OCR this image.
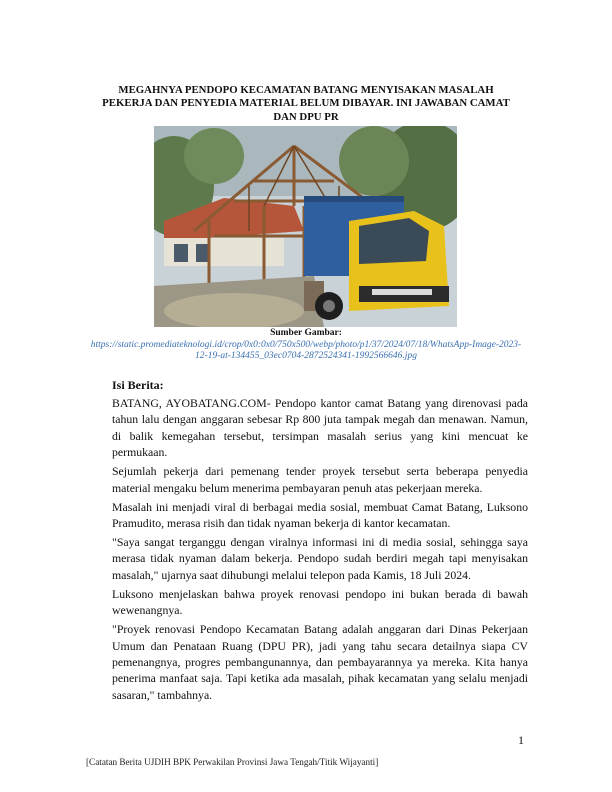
MEGAHNYA PENDOPO KECAMATAN BATANG MENYISAKAN MASALAH PEKERJA DAN PENYEDIA MATERIAL BELUM DIBAYAR. INI JAWABAN CAMAT DAN DPU PR
Sumber Gambar:
https://static.promediateknologi.id/crop/0x0:0x0/750x500/webp/photo/p1/37/2024/07/18/WhatsApp-Image-2023-12-19-at-134455_03ec0704-2872524341-1992566646.jpg
Isi Berita:

BATANG, AYOBATANG.COM- Pendopo kantor camat Batang yang direnovasi pada tahun lalu dengan anggaran sebesar Rp 800 juta tampak megah dan menawan. Namun, di balik kemegahan tersebut, tersimpan masalah serius yang kini mencuat ke permukaan.

Sejumlah pekerja dari pemenang tender proyek tersebut serta beberapa penyedia material mengaku belum menerima pembayaran penuh atas pekerjaan mereka.

Masalah ini menjadi viral di berbagai media sosial, membuat Camat Batang, Luksono Pramudito, merasa risih dan tidak nyaman bekerja di kantor kecamatan.

"Saya sangat terganggu dengan viralnya informasi ini di media sosial, sehingga saya merasa tidak nyaman dalam bekerja. Pendopo sudah berdiri megah tapi menyisakan masalah," ujarnya saat dihubungi melalui telepon pada Kamis, 18 Juli 2024.

Luksono menjelaskan bahwa proyek renovasi pendopo ini bukan berada di bawah wewenangnya.

"Proyek renovasi Pendopo Kecamatan Batang adalah anggaran dari Dinas Pekerjaan Umum dan Penataan Ruang (DPU PR), jadi yang tahu secara detailnya siapa CV pemenangnya, progres pembangunannya, dan pembayarannya ya mereka. Kita hanya penerima manfaat saja. Tapi ketika ada masalah, pihak kecamatan yang selalu menjadi sasaran," tambahnya.

1
[Catatan Berita UJDIH BPK Perwakilan Provinsi Jawa Tengah/Titik Wijayanti]
